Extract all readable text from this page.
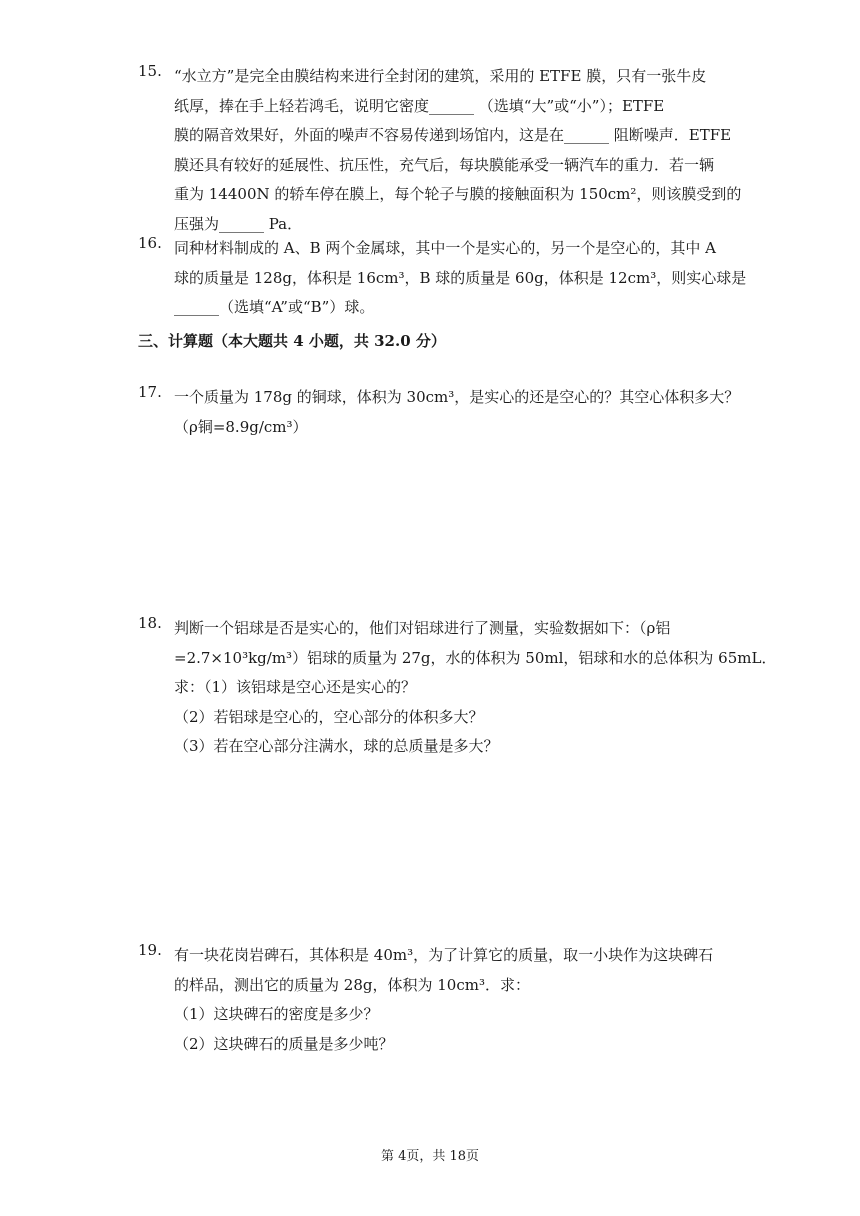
15. “水立方”是完全由膜结构来进行全封闭的建筑，采用的 ETFE 膜，只有一张牛皮
纸厚，捧在手上轻若鸿毛，说明它密度______ （选填“大”或“小”）；ETFE
膜的隔音效果好，外面的噪声不容易传递到场馆内，这是在______ 阻断噪声．ETFE
膜还具有较好的延展性、抗压性，充气后，每块膜能承受一辆汽车的重力．若一辆
重为 14400N 的轿车停在膜上，每个轮子与膜的接触面积为 150cm²，则该膜受到的
压强为______ Pa．
16. 同种材料制成的 A、B 两个金属球，其中一个是实心的，另一个是空心的，其中 A
球的质量是 128g，体积是 16cm³，B 球的质量是 60g，体积是 12cm³，则实心球是
______（选填“A”或“B”）球。
三、计算题（本大题共 4 小题，共 32.0 分）
17. 一个质量为 178g 的铜球，体积为 30cm³，是实心的还是空心的？其空心体积多大？
（ρ铜=8.9g/cm³）
18. 判断一个铝球是否是实心的，他们对铝球进行了测量，实验数据如下：（ρ铝
=2.7×10³kg/m³）铝球的质量为 27g，水的体积为 50ml，铝球和水的总体积为 65mL．
求：（1）该铝球是空心还是实心的？
（2）若铝球是空心的，空心部分的体积多大？
（3）若在空心部分注满水，球的总质量是多大？
19. 有一块花岗岩碑石，其体积是 40m³，为了计算它的质量，取一小块作为这块碑石
的样品，测出它的质量为 28g，体积为 10cm³．求：
（1）这块碑石的密度是多少？
（2）这块碑石的质量是多少吨？
第 4页，共 18页
